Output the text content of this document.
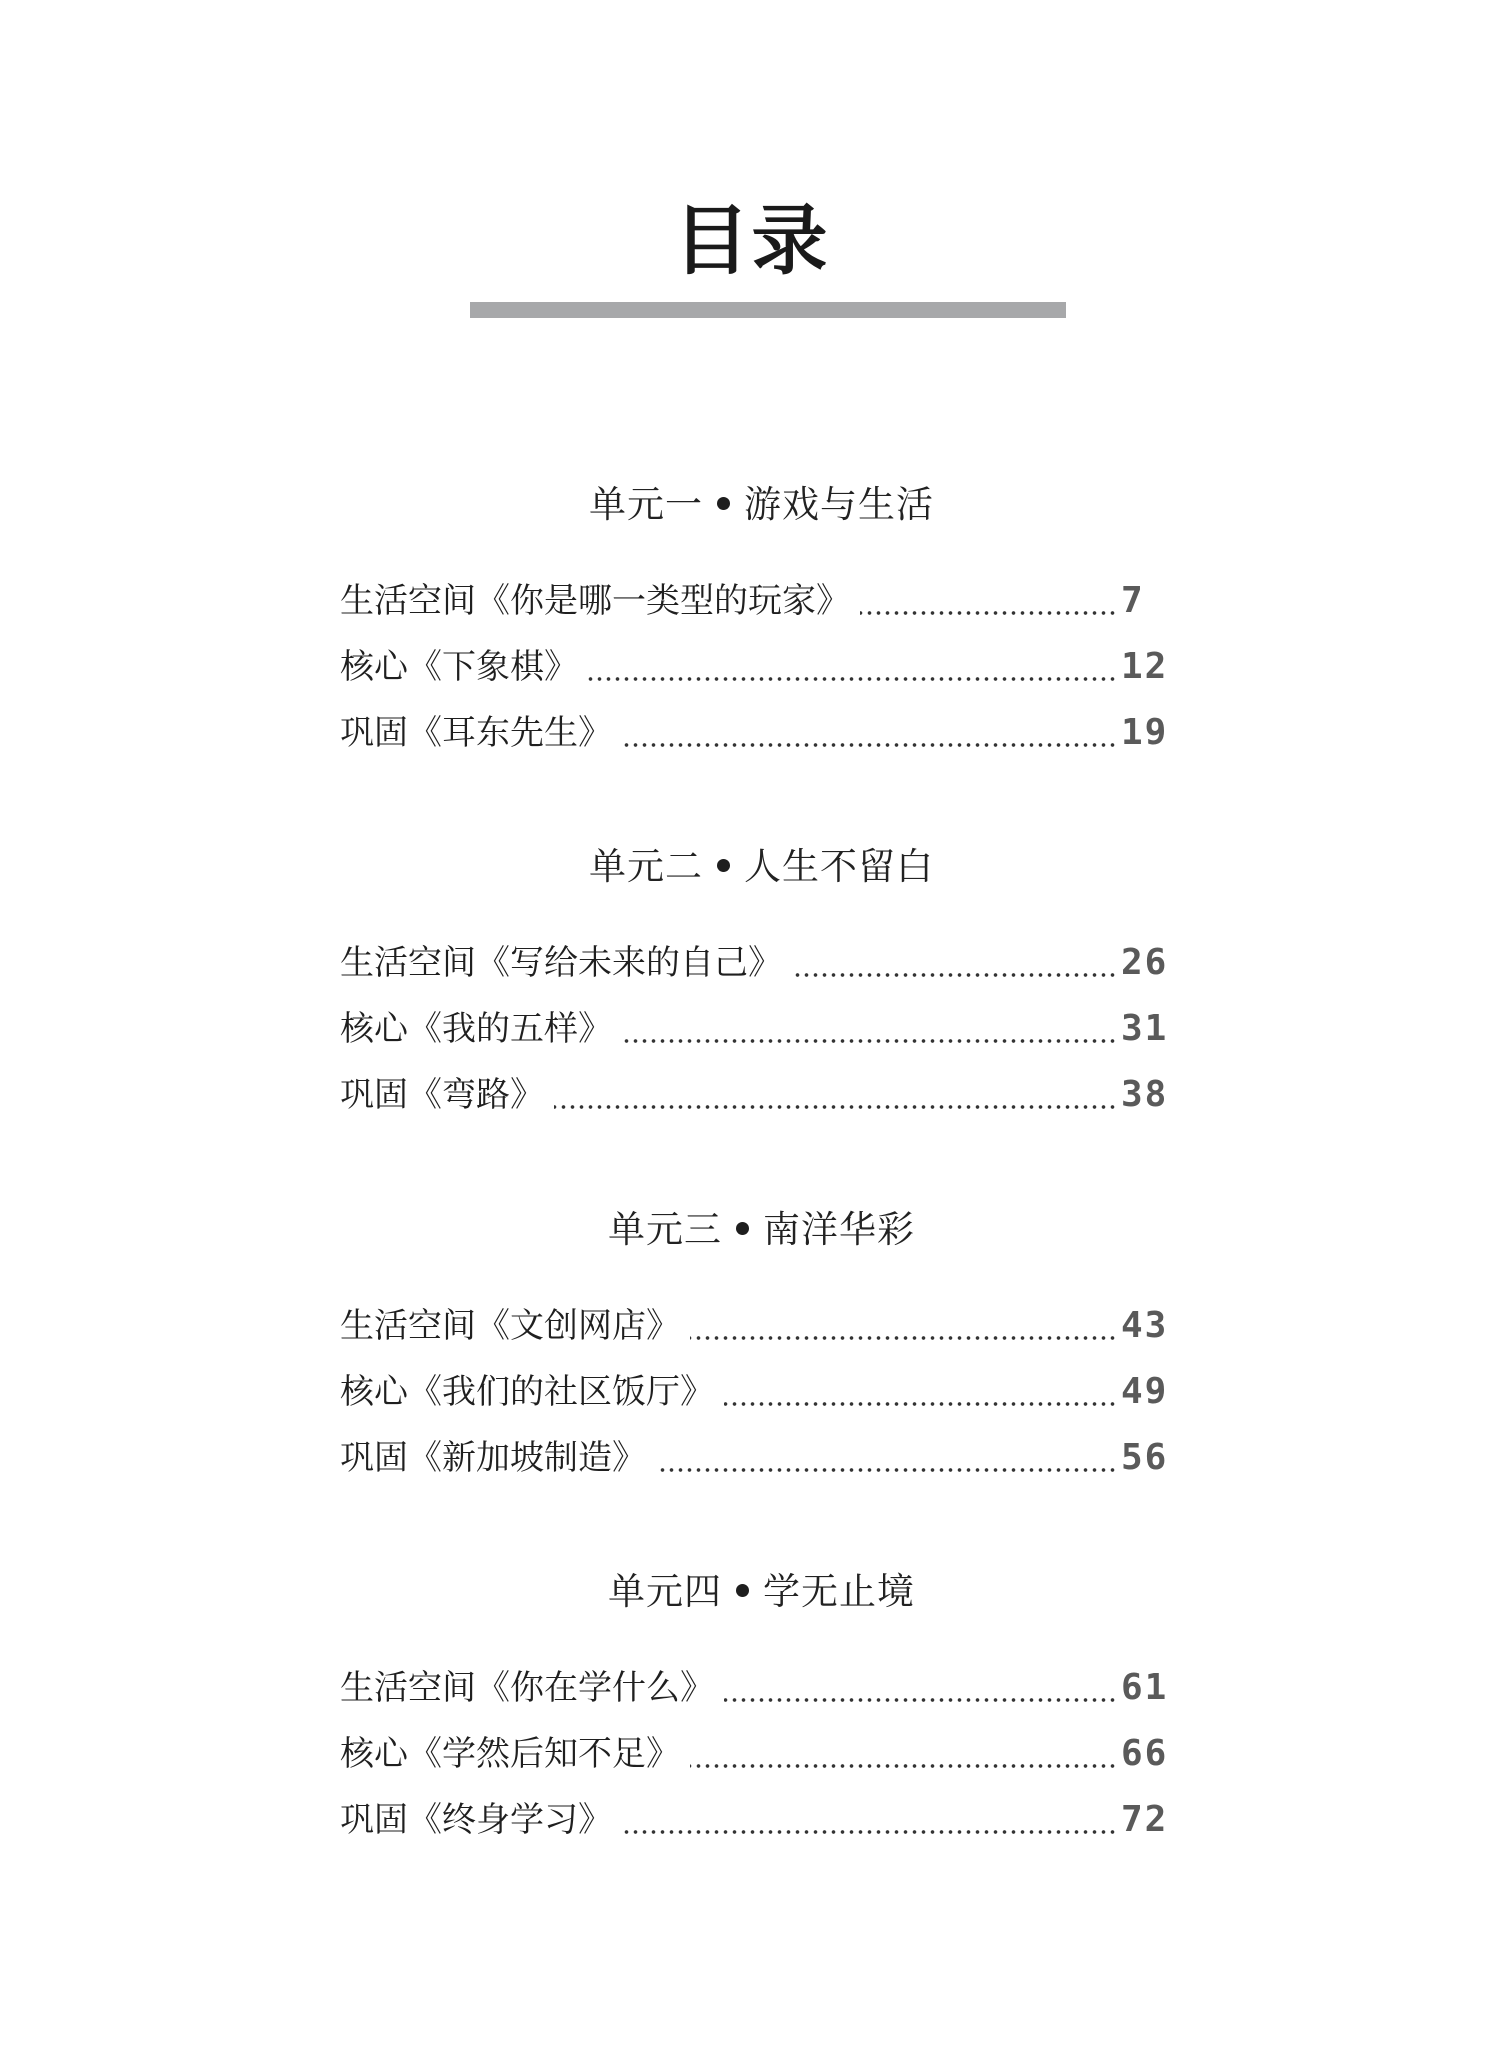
目录
单元一 游戏与生活
生活空间《你是哪一类型的玩家》	7
核心《下象棋》	12
巩固《耳东先生》	19
单元二 人生不留白
生活空间《写给未来的自己》	26
核心《我的五样》	31
巩固《弯路》	38
单元三 南洋华彩
生活空间《文创网店》	43
核心《我们的社区饭厅》	49
巩固《新加坡制造》	56
单元四 学无止境
生活空间《你在学什么》	61
核心《学然后知不足》	66
巩固《终身学习》	72
